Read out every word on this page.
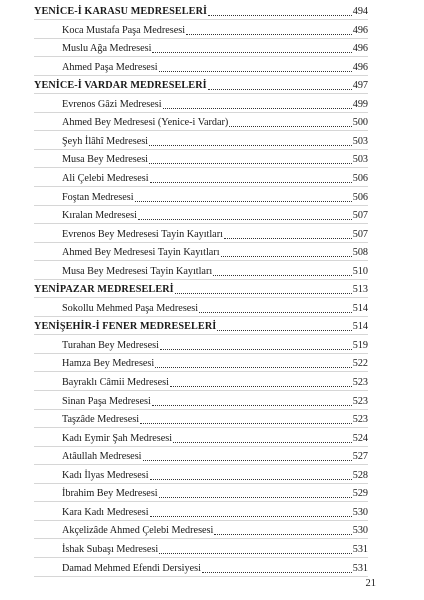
YENİCE-İ KARASU MEDRESELERİ	494
Koca Mustafa Paşa Medresesi	496
Muslu Ağa Medresesi	496
Ahmed Paşa Medresesi	496
YENİCE-İ VARDAR MEDRESELERİ	497
Evrenos Gâzi Medresesi	499
Ahmed Bey Medresesi (Yenice-i Vardar)	500
Şeyh İlâhî Medresesi	503
Musa Bey Medresesi	503
Ali Çelebi Medresesi	506
Foştan Medresesi	506
Kıralan Medresesi	507
Evrenos Bey Medresesi Tayin Kayıtları	507
Ahmed Bey Medresesi Tayin Kayıtları	508
Musa Bey Medresesi Tayin Kayıtları	510
YENİPAZAR MEDRESELERİ	513
Sokollu Mehmed Paşa Medresesi	514
YENİŞEHİR-İ FENER MEDRESELERİ	514
Turahan Bey Medresesi	519
Hamza Bey Medresesi	522
Bayraklı Câmii Medresesi	523
Sinan Paşa Medresesi	523
Taşzâde Medresesi	523
Kadı Eymir Şah Medresesi	524
Atâullah Medresesi	527
Kadı İlyas Medresesi	528
İbrahim Bey Medresesi	529
Kara Kadı Medresesi	530
Akçelizâde Ahmed Çelebi Medresesi	530
İshak Subaşı Medresesi	531
Damad Mehmed Efendi Dersiyesi	531
21
